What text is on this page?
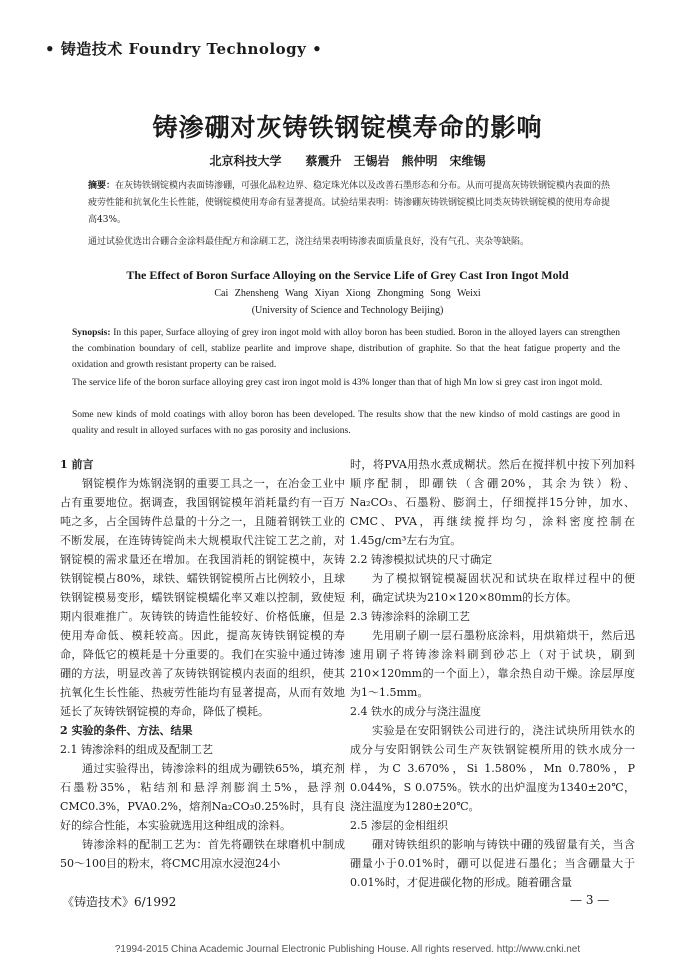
• 铸造技术 Foundry Technology •
铸渗硼对灰铸铁钢锭模寿命的影响
北京科技大学　　蔡震升　王锡岩　熊仲明　宋维锡
摘要：在灰铸铁钢锭模内表面铸渗硼，可强化晶粒边界、稳定珠光体以及改善石墨形态和分布。从而可提高灰铸铁钢锭模内表面的热疲劳性能和抗氧化生长性能，使钢锭模使用寿命有显著提高。试验结果表明：铸渗硼灰铸铁钢锭模比同类灰铸铁钢锭模的使用寿命提高43%。
通过试验优选出合硼合金涂料最佳配方和涂刷工艺，浇注结果表明铸渗表面质量良好，没有气孔、夹杂等缺陷。
The Effect of Boron Surface Alloying on the Service Life of Grey Cast Iron Ingot Mold
Cai Zhensheng Wang Xiyan Xiong Zhongming Song Weixi
(University of Science and Technology Beijing)
Synopsis: In this paper, Surface alloying of grey iron ingot mold with alloy boron has been studied. Boron in the alloyed layers can strengthen the combination boundary of cell, stablize pearlite and improve shape, distribution of graphite. So that the heat fatigue property and the oxidation and growth resistant property can be raised.
The service life of the boron surface alloying grey cast iron ingot mold is 43% longer than that of high Mn low si grey cast iron ingot mold.
Some new kinds of mold coatings with alloy boron has been developed. The results show that the new kindso of mold castings are good in quality and result in alloyed surfaces with no gas porosity and inclusions.

1 前言

钢锭模作为炼钢浇钢的重要工具之一，在冶金工业中占有重要地位。据调查，我国钢锭模年消耗量约有一百万吨之多，占全国铸件总量的十分之一，且随着钢铁工业的不断发展，在连铸铸锭尚未大规模取代注锭工艺之前，对钢锭模的需求量还在增加。在我国消耗的钢锭模中，灰铸铁钢锭模占80%，球铁、蠕铁钢锭模所占比例较小，且球铁钢锭模易变形，蠕铁钢锭模蠕化率又难以控制，致使短期内很难推广。灰铸铁的铸造性能较好、价格低廉，但是使用寿命低、模耗较高。因此，提高灰铸铁钢锭模的寿命，降低它的模耗是十分重要的。我们在实验中通过铸渗硼的方法，明显改善了灰铸铁钢锭模内表面的组织，使其抗氧化生长性能、热疲劳性能均有显著提高，从而有效地延长了灰铸铁钢锭模的寿命，降低了模耗。

2 实验的条件、方法、结果

2.1 铸渗涂料的组成及配制工艺

通过实验得出，铸渗涂料的组成为硼铁65%，填充剂石墨粉35%，粘结剂和悬浮剂膨润土5%，悬浮剂CMC0.3%，PVA0.2%，熔剂Na₂CO₃0.25%时，具有良好的综合性能，本实验就选用这种组成的涂料。

铸渗涂料的配制工艺为：首先将硼铁在球磨机中制成50～100目的粉末，将CMC用凉水浸泡24小

时，将PVA用热水煮成糊状。然后在搅拌机中按下列加料顺序配制，即硼铁（含硼20%，其余为铁）粉、Na₂CO₃、石墨粉、膨润土，仔细搅拌15分钟，加水、CMC、PVA，再继续搅拌均匀，涂料密度控制在1.45g/cm³左右为宜。

2.2 铸渗模拟试块的尺寸确定

为了模拟钢锭模凝固状况和试块在取样过程中的便利，确定试块为210×120×80mm的长方体。

2.3 铸渗涂料的涂刷工艺

先用刷子刷一层石墨粉底涂料，用烘箱烘干，然后迅速用刷子将铸渗涂料刷到砂芯上（对于试块，刷到210×120mm的一个面上），靠余热自动干燥。涂层厚度为1～1.5mm。

2.4 铁水的成分与浇注温度

实验是在安阳钢铁公司进行的，浇注试块所用铁水的成分与安阳钢铁公司生产灰铁钢锭模所用的铁水成分一样，为C 3.670%，Si 1.580%，Mn 0.780%，P 0.044%，S 0.075%。铁水的出炉温度为1340±20℃，浇注温度为1280±20℃。

2.5 渗层的金相组织

硼对铸铁组织的影响与铸铁中硼的残留量有关，当含硼量小于0.01%时，硼可以促进石墨化；当含硼量大于0.01%时，才促进碳化物的形成。随着硼含量

《铸造技术》6/1992	— 3 —
?1994-2015 China Academic Journal Electronic Publishing House. All rights reserved. http://www.cnki.net
